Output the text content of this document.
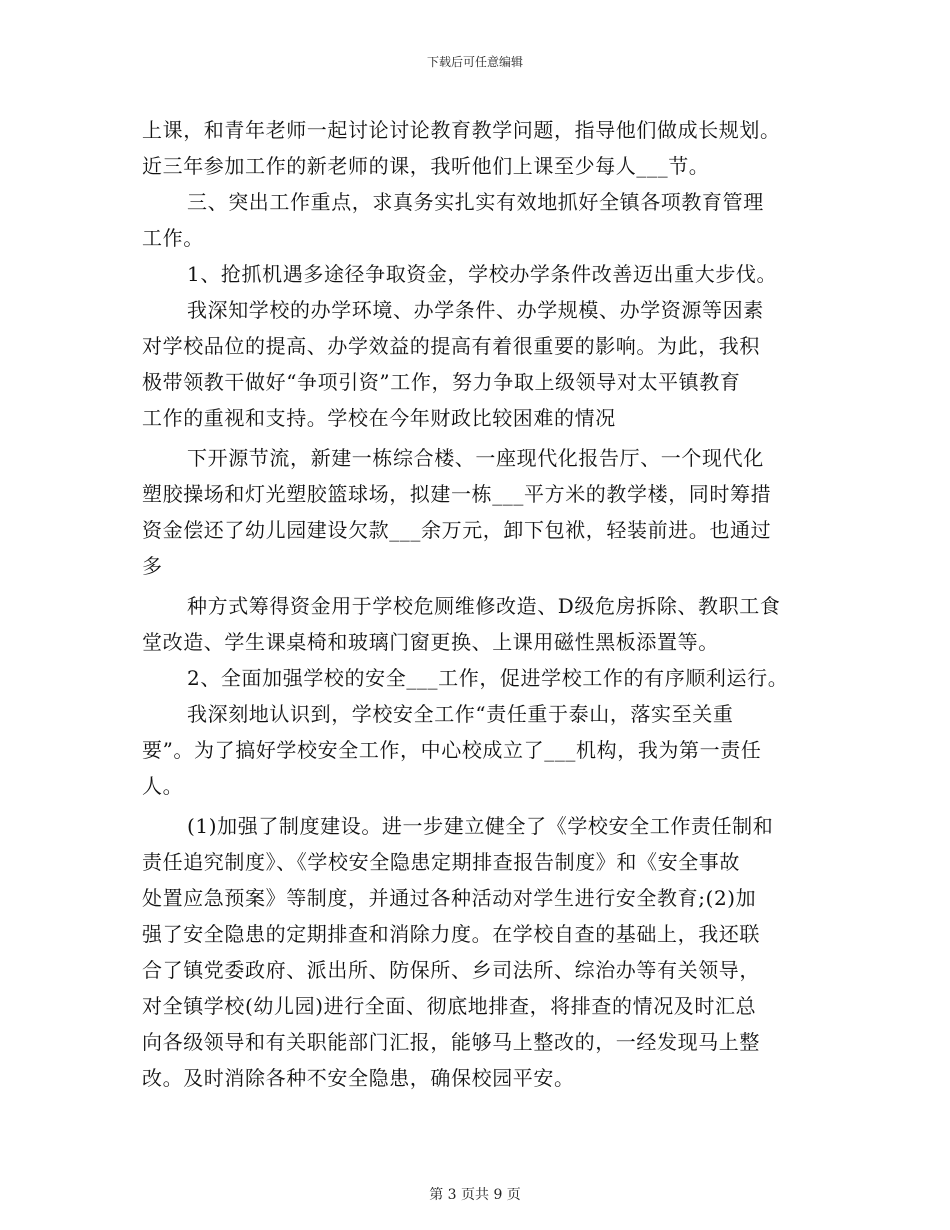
下载后可任意编辑
上课，和青年老师一起讨论讨论教育教学问题，指导他们做成长规划。
近三年参加工作的新老师的课，我听他们上课至少每人___节。
三、突出工作重点，求真务实扎实有效地抓好全镇各项教育管理
工作。
1、抢抓机遇多途径争取资金，学校办学条件改善迈出重大步伐。
我深知学校的办学环境、办学条件、办学规模、办学资源等因素
对学校品位的提高、办学效益的提高有着很重要的影响。为此，我积
极带领教干做好“争项引资”工作，努力争取上级领导对太平镇教育
工作的重视和支持。学校在今年财政比较困难的情况
下开源节流，新建一栋综合楼、一座现代化报告厅、一个现代化
塑胶操场和灯光塑胶篮球场，拟建一栋___平方米的教学楼，同时筹措
资金偿还了幼儿园建设欠款___余万元，卸下包袱，轻装前进。也通过
多
种方式筹得资金用于学校危厕维修改造、D级危房拆除、教职工食
堂改造、学生课桌椅和玻璃门窗更换、上课用磁性黑板添置等。
2、全面加强学校的安全___工作，促进学校工作的有序顺利运行。
我深刻地认识到，学校安全工作“责任重于泰山，落实至关重
要”。为了搞好学校安全工作，中心校成立了___机构，我为第一责任
人。
(1)加强了制度建设。进一步建立健全了《学校安全工作责任制和
责任追究制度》、《学校安全隐患定期排查报告制度》和《安全事故
处置应急预案》等制度，并通过各种活动对学生进行安全教育;(2)加
强了安全隐患的定期排查和消除力度。在学校自查的基础上，我还联
合了镇党委政府、派出所、防保所、乡司法所、综治办等有关领导，
对全镇学校(幼儿园)进行全面、彻底地排查，将排查的情况及时汇总
向各级领导和有关职能部门汇报，能够马上整改的，一经发现马上整
改。及时消除各种不安全隐患，确保校园平安。
第 3 页共 9 页
